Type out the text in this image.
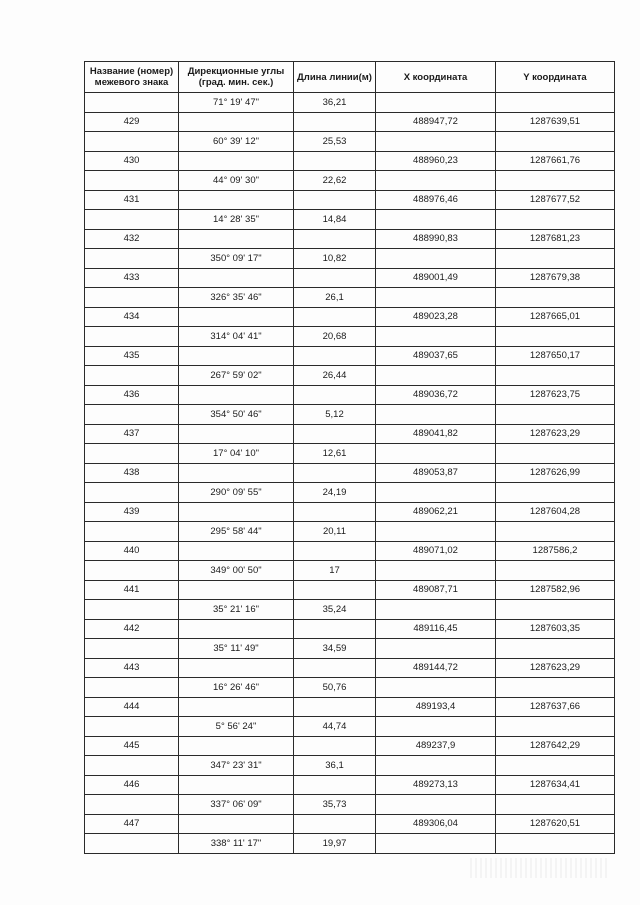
Название (номер)
межевого знака	Дирекционные углы
(град. мин. сек.)	Длина линии(м)	Х координата	Y координата
	71° 19' 47"	36,21		
429			488947,72	1287639,51
	60° 39' 12"	25,53		
430			488960,23	1287661,76
	44° 09' 30"	22,62		
431			488976,46	1287677,52
	14° 28' 35"	14,84		
432			488990,83	1287681,23
	350° 09' 17"	10,82		
433			489001,49	1287679,38
	326° 35' 46"	26,1		
434			489023,28	1287665,01
	314° 04' 41"	20,68		
435			489037,65	1287650,17
	267° 59' 02"	26,44		
436			489036,72	1287623,75
	354° 50' 46"	5,12		
437			489041,82	1287623,29
	17° 04' 10"	12,61		
438			489053,87	1287626,99
	290° 09' 55"	24,19		
439			489062,21	1287604,28
	295° 58' 44"	20,11		
440			489071,02	1287586,2
	349° 00' 50"	17		
441			489087,71	1287582,96
	35° 21' 16"	35,24		
442			489116,45	1287603,35
	35° 11' 49"	34,59		
443			489144,72	1287623,29
	16° 26' 46"	50,76		
444			489193,4	1287637,66
	5° 56' 24"	44,74		
445			489237,9	1287642,29
	347° 23' 31"	36,1		
446			489273,13	1287634,41
	337° 06' 09"	35,73		
447			489306,04	1287620,51
	338° 11' 17"	19,97		
